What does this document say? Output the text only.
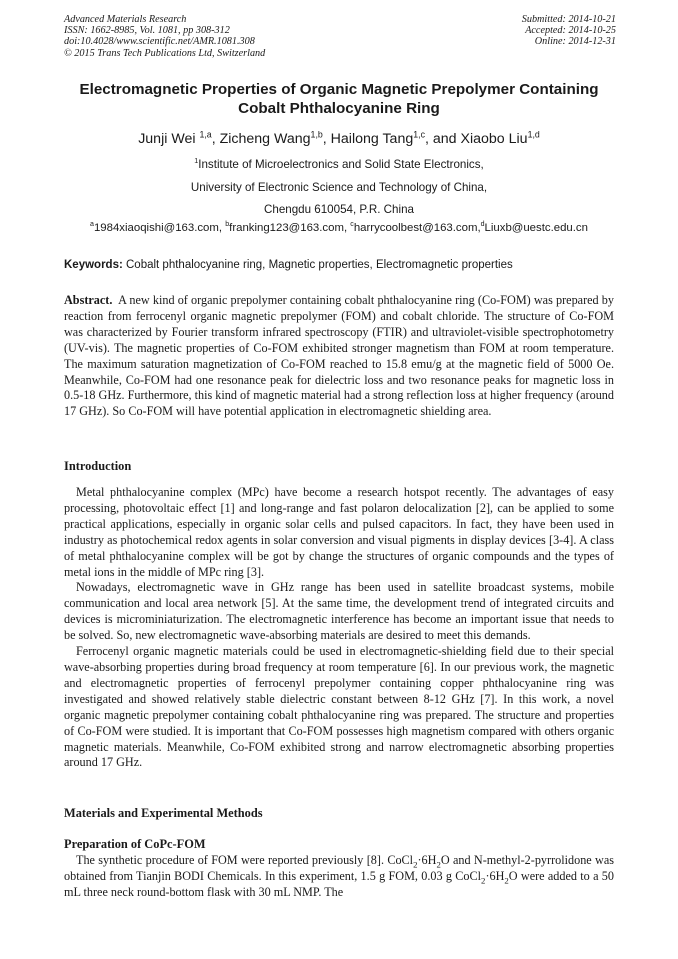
Advanced Materials Research
ISSN: 1662-8985, Vol. 1081, pp 308-312
doi:10.4028/www.scientific.net/AMR.1081.308
© 2015 Trans Tech Publications Ltd, Switzerland
Submitted: 2014-10-21
Accepted: 2014-10-25
Online: 2014-12-31
Electromagnetic Properties of Organic Magnetic Prepolymer Containing
Cobalt Phthalocyanine Ring
Junji Wei $^{1,a}$, Zicheng Wang$^{1,b}$, Hailong Tang$^{1,c}$, and Xiaobo Liu$^{1,d}$
$^1$Institute of Microelectronics and Solid State Electronics,
University of Electronic Science and Technology of China,
Chengdu 610054, P.R. China
$^a$1984xiaoqishi@163.com, $^b$franking123@163.com, $^c$harrycoolbest@163.com,$^d$Liuxb@uestc.edu.cn
Keywords: Cobalt phthalocyanine ring, Magnetic properties, Electromagnetic properties
Abstract. A new kind of organic prepolymer containing cobalt phthalocyanine ring (Co-FOM) was prepared by reaction from ferrocenyl organic magnetic prepolymer (FOM) and cobalt chloride. The structure of Co-FOM was characterized by Fourier transform infrared spectroscopy (FTIR) and ultraviolet-visible spectrophotometry (UV-vis). The magnetic properties of Co-FOM exhibited stronger magnetism than FOM at room temperature. The maximum saturation magnetization of Co-FOM reached to 15.8 emu/g at the magnetic field of 5000 Oe. Meanwhile, Co-FOM had one resonance peak for dielectric loss and two resonance peaks for magnetic loss in 0.5-18 GHz. Furthermore, this kind of magnetic material had a strong reflection loss at higher frequency (around 17 GHz). So Co-FOM will have potential application in electromagnetic shielding area.
Introduction

Metal phthalocyanine complex (MPc) have become a research hotspot recently. The advantages of easy processing, photovoltaic effect [1] and long-range and fast polaron delocalization [2], can be applied to some practical applications, especially in organic solar cells and pulsed capacitors. In fact, they have been used in industry as photochemical redox agents in solar conversion and visual pigments in display devices [3-4]. A class of metal phthalocyanine complex will be got by change the structures of organic compounds and the types of metal ions in the middle of MPc ring [3].

Nowadays, electromagnetic wave in GHz range has been used in satellite broadcast systems, mobile communication and local area network [5]. At the same time, the development trend of integrated circuits and devices is microminiaturization. The electromagnetic interference has become an important issue that needs to be solved. So, new electromagnetic wave-absorbing materials are desired to meet this demands.

Ferrocenyl organic magnetic materials could be used in electromagnetic-shielding field due to their special wave-absorbing properties during broad frequency at room temperature [6]. In our previous work, the magnetic and electromagnetic properties of ferrocenyl prepolymer containing copper phthalocyanine ring was investigated and showed relatively stable dielectric constant between 8-12 GHz [7]. In this work, a novel organic magnetic prepolymer containing cobalt phthalocyanine ring was prepared. The structure and properties of Co-FOM were studied. It is important that Co-FOM possesses high magnetism compared with others organic magnetic materials. Meanwhile, Co-FOM exhibited strong and narrow electromagnetic absorbing properties around 17 GHz.

Materials and Experimental Methods
Preparation of CoPc-FOM

The synthetic procedure of FOM were reported previously [8]. $CoCl_2\cdot 6H_2O$ and N-methyl-2-pyrrolidone was obtained from Tianjin BODI Chemicals. In this experiment, 1.5 g FOM, 0.03 g $CoCl_2\cdot 6H_2O$ were added to a 50 mL three neck round-bottom flask with 30 mL NMP. The
